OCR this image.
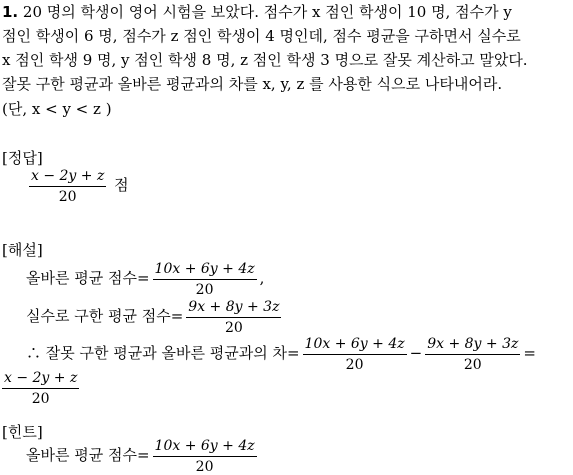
1. 20 명의 학생이 영어 시험을 보았다. 점수가 x 점인 학생이 10 명, 점수가 y
점인 학생이 6 명, 점수가 z 점인 학생이 4 명인데, 점수 평균을 구하면서 실수로
x 점인 학생 9 명, y 점인 학생 8 명, z 점인 학생 3 명으로 잘못 계산하고 말았다.
잘못 구한 평균과 올바른 평균과의 차를 x, y, z 를 사용한 식으로 나타내어라.
(단, x < y < z )
[정답]
$\frac{x - 2y + z}{20}$ 점
[해설]
올바른 평균 점수= $\frac{10x + 6y + 4z}{20}$ ,
실수로 구한 평균 점수= $\frac{9x + 8y + 3z}{20}$
∴ 잘못 구한 평균과 올바른 평균과의 차= $\frac{10x + 6y + 4z}{20} - \frac{9x + 8y + 3z}{20}$ =
$\frac{x - 2y + z}{20}$
[힌트]
올바른 평균 점수= $\frac{10x + 6y + 4z}{20}$
